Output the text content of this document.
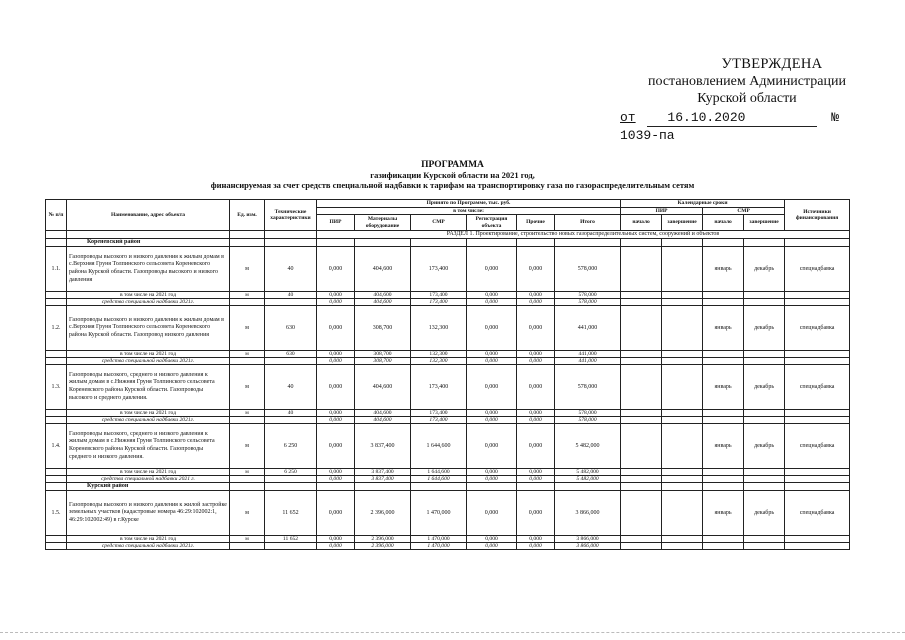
УТВЕРЖДЕНА
постановлением Администрации
Курской области
от 16.10.2020	№ 1039-па
ПРОГРАММА
газификации Курской области на 2021 год,
финансируемая за счет средств специальной надбавки к тарифам на транспортировку газа по газораспределительным сетям
№ п/п	Наименование, адрес объекта	Ед. изм.	Технические характеристики	Принято по Программе, тыс. руб.						Календарные сроки				Источники финансирования
				в том числе:						ПИР		СМР		
				ПИР	Материалы оборудование	СМР	Регистрация объекта	Прочие	Итого	начало	завершение	начало	завершение	
				РАЗДЕЛ 1. Проектирование, строительство новых газораспределительных систем, сооружений и объектов										
	Кореневский район													
1.1.	Газопроводы высокого и низкого давления к жилым домам в с.Верхняя Груня Толпинского сельсовета Кореневского района Курской области. Газопроводы высокого и низкого давления	м	40	0,000	404,600	173,400	0,000	0,000	578,000			январь	декабрь	спецнадбавка
	в том числе на 2021 год	м	40	0,000	404,600	173,400	0,000	0,000	578,000					
	средства специальной надбавки 2021г.			0,000	404,600	173,400	0,000	0,000	578,000					
1.2.	Газопроводы высокого и низкого давления к жилым домам в с.Верхняя Груня Толпинского сельсовета Кореневского района Курской области. Газопровод низкого давления	м	630	0,000	308,700	132,300	0,000	0,000	441,000			январь	декабрь	спецнадбавка
	в том числе на 2021 год	м	630	0,000	308,700	132,300	0,000	0,000	441,000					
	средства специальной надбавки 2021г.			0,000	308,700	132,300	0,000	0,000	441,000					
1.3.	Газопроводы высокого, среднего и низкого давления к жилым домам в с.Нижняя Груня Толпинского сельсовета Кореневского района Курской области. Газопроводы высокого и среднего давления.	м	40	0,000	404,600	173,400	0,000	0,000	578,000			январь	декабрь	спецнадбавка
	в том числе на 2021 год	м	40	0,000	404,600	173,400	0,000	0,000	578,000					
	средства специальной надбавки 2021г.			0,000	404,600	173,400	0,000	0,000	578,000					
1.4.	Газопроводы высокого, среднего и низкого давления к жилым домам в с.Нижняя Груня Толпинского сельсовета Кореневского района Курской области. Газопроводы среднего и низкого давления.	м	6 250	0,000	3 837,400	1 644,600	0,000	0,000	5 482,000			январь	декабрь	спецнадбавка
	в том числе на 2021 год	м	6 250	0,000	3 837,400	1 644,600	0,000	0,000	5 482,000					
	средства специальной надбавки 2021 г.			0,000	3 837,400	1 644,600	0,000	0,000	5 482,000					
	Курский район													
1.5.	Газопроводы высокого и низкого давления к жилой застройке земельных участков (кадастровые номера 46:29:102002:1, 46:29:102002:49) в г.Курске	м	11 652	0,000	2 396,000	1 470,000	0,000	0,000	3 866,000			январь	декабрь	спецнадбавка
	в том числе на 2021 год	м	11 652	0,000	2 396,000	1 470,000	0,000	0,000	3 866,000					
	средства специальной надбавки 2021г.			0,000	2 396,000	1 470,000	0,000	0,000	3 866,000					
